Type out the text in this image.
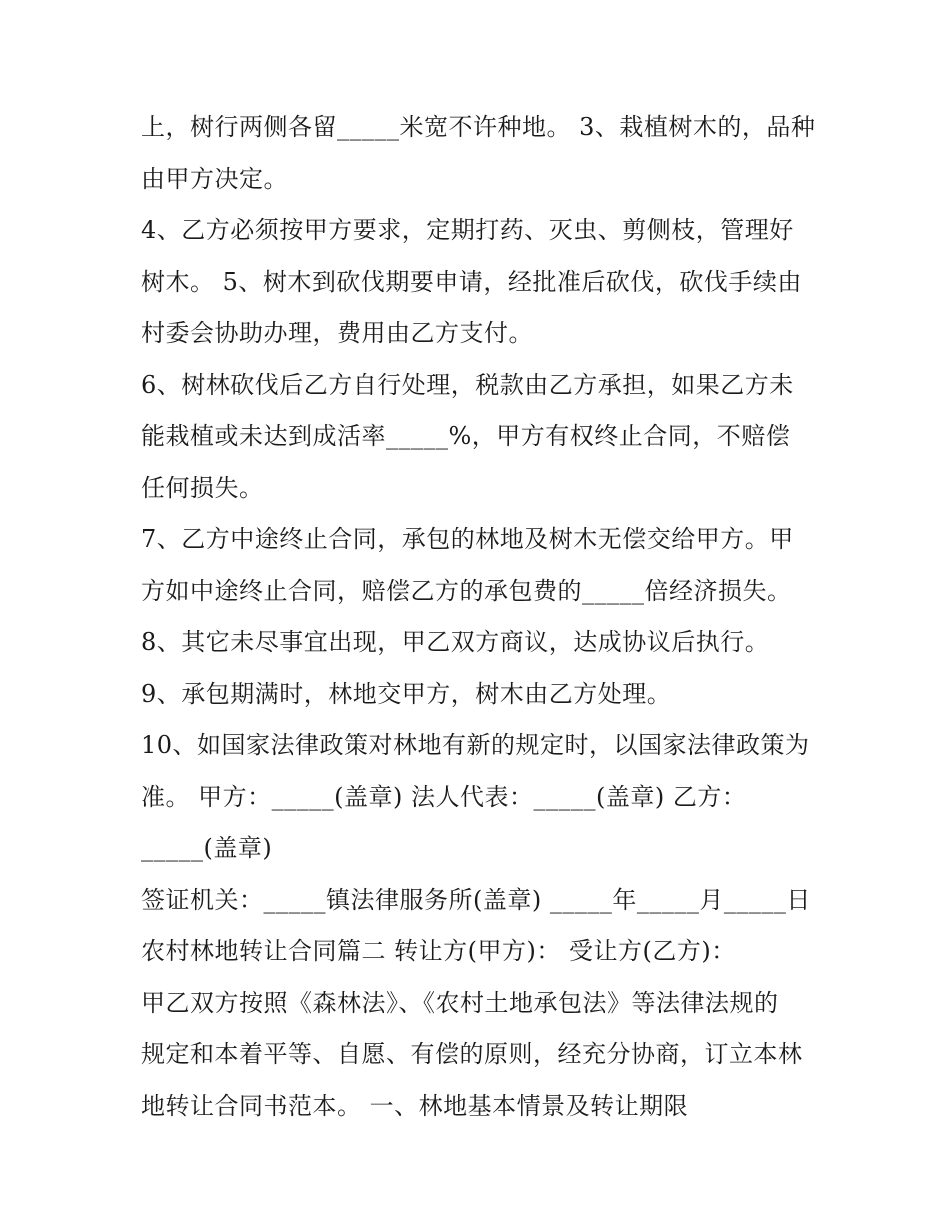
上，树行两侧各留_____米宽不许种地。 3、栽植树木的，品种
由甲方决定。
4、乙方必须按甲方要求，定期打药、灭虫、剪侧枝，管理好
树木。 5、树木到砍伐期要申请，经批准后砍伐，砍伐手续由
村委会协助办理，费用由乙方支付。
6、树林砍伐后乙方自行处理，税款由乙方承担，如果乙方未
能栽植或未达到成活率_____%，甲方有权终止合同，不赔偿
任何损失。
7、乙方中途终止合同，承包的林地及树木无偿交给甲方。甲
方如中途终止合同，赔偿乙方的承包费的_____倍经济损失。
8、其它未尽事宜出现，甲乙双方商议，达成协议后执行。
9、承包期满时，林地交甲方，树木由乙方处理。
10、如国家法律政策对林地有新的规定时，以国家法律政策为
准。 甲方：_____(盖章) 法人代表：_____(盖章) 乙方：
_____(盖章)
签证机关：_____镇法律服务所(盖章) _____年_____月_____日
农村林地转让合同篇二 转让方(甲方)： 受让方(乙方)：
甲乙双方按照《森林法》、《农村土地承包法》等法律法规的
规定和本着平等、自愿、有偿的原则，经充分协商，订立本林
地转让合同书范本。 一、林地基本情景及转让期限
